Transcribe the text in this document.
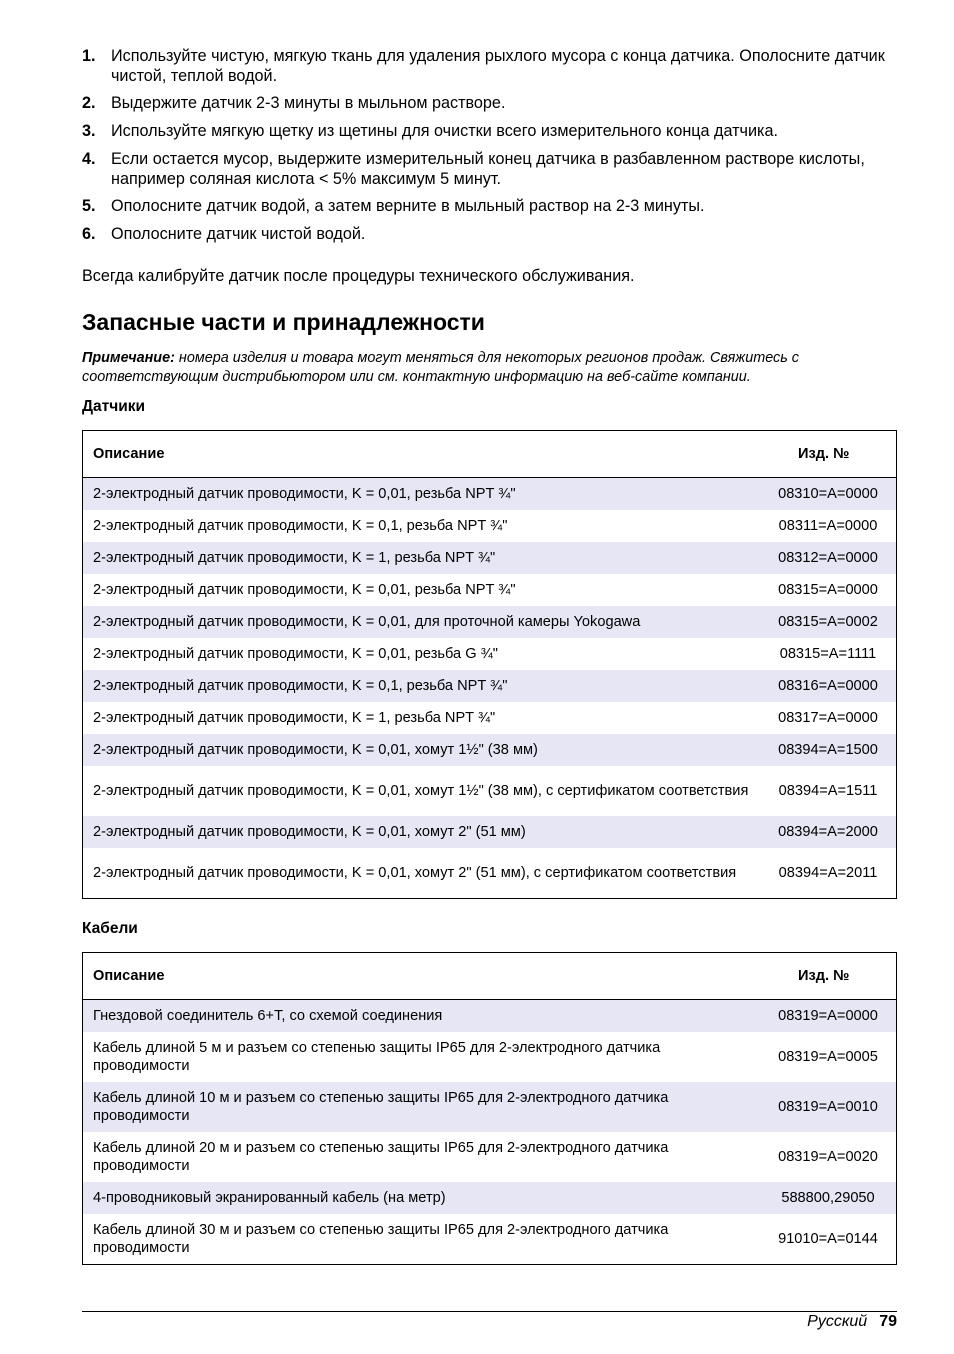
1. Используйте чистую, мягкую ткань для удаления рыхлого мусора с конца датчика. Ополосните датчик чистой, теплой водой.
2. Выдержите датчик 2-3 минуты в мыльном растворе.
3. Используйте мягкую щетку из щетины для очистки всего измерительного конца датчика.
4. Если остается мусор, выдержите измерительный конец датчика в разбавленном растворе кислоты, например соляная кислота < 5% максимум 5 минут.
5. Ополосните датчик водой, а затем верните в мыльный раствор на 2-3 минуты.
6. Ополосните датчик чистой водой.
Всегда калибруйте датчик после процедуры технического обслуживания.
Запасные части и принадлежности
Примечание: номера изделия и товара могут меняться для некоторых регионов продаж. Свяжитесь с соответствующим дистрибьютором или см. контактную информацию на веб-сайте компании.
Датчики
Описание	Изд. №
2-электродный датчик проводимости, K = 0,01, резьба NPT ¾"	08310=A=0000
2-электродный датчик проводимости, K = 0,1, резьба NPT ¾"	08311=A=0000
2-электродный датчик проводимости, K = 1, резьба NPT ¾"	08312=A=0000
2-электродный датчик проводимости, K = 0,01, резьба NPT ¾"	08315=A=0000
2-электродный датчик проводимости, K = 0,01, для проточной камеры Yokogawa	08315=A=0002
2-электродный датчик проводимости, K = 0,01, резьба G ¾"	08315=A=1111
2-электродный датчик проводимости, K = 0,1, резьба NPT ¾"	08316=A=0000
2-электродный датчик проводимости, K = 1, резьба NPT ¾"	08317=A=0000
2-электродный датчик проводимости, K = 0,01, хомут 1½" (38 мм)	08394=A=1500
2-электродный датчик проводимости, K = 0,01, хомут 1½" (38 мм), с сертификатом соответствия	08394=A=1511
2-электродный датчик проводимости, K = 0,01, хомут 2" (51 мм)	08394=A=2000
2-электродный датчик проводимости, K = 0,01, хомут 2" (51 мм), с сертификатом соответствия	08394=A=2011
Кабели
Описание	Изд. №
Гнездовой соединитель 6+T, со схемой соединения	08319=A=0000
Кабель длиной 5 м и разъем со степенью защиты IP65 для 2-электродного датчика проводимости	08319=A=0005
Кабель длиной 10 м и разъем со степенью защиты IP65 для 2-электродного датчика проводимости	08319=A=0010
Кабель длиной 20 м и разъем со степенью защиты IP65 для 2-электродного датчика проводимости	08319=A=0020
4-проводниковый экранированный кабель (на метр)	588800,29050
Кабель длиной 30 м и разъем со степенью защиты IP65 для 2-электродного датчика проводимости	91010=A=0144
Русский 79
